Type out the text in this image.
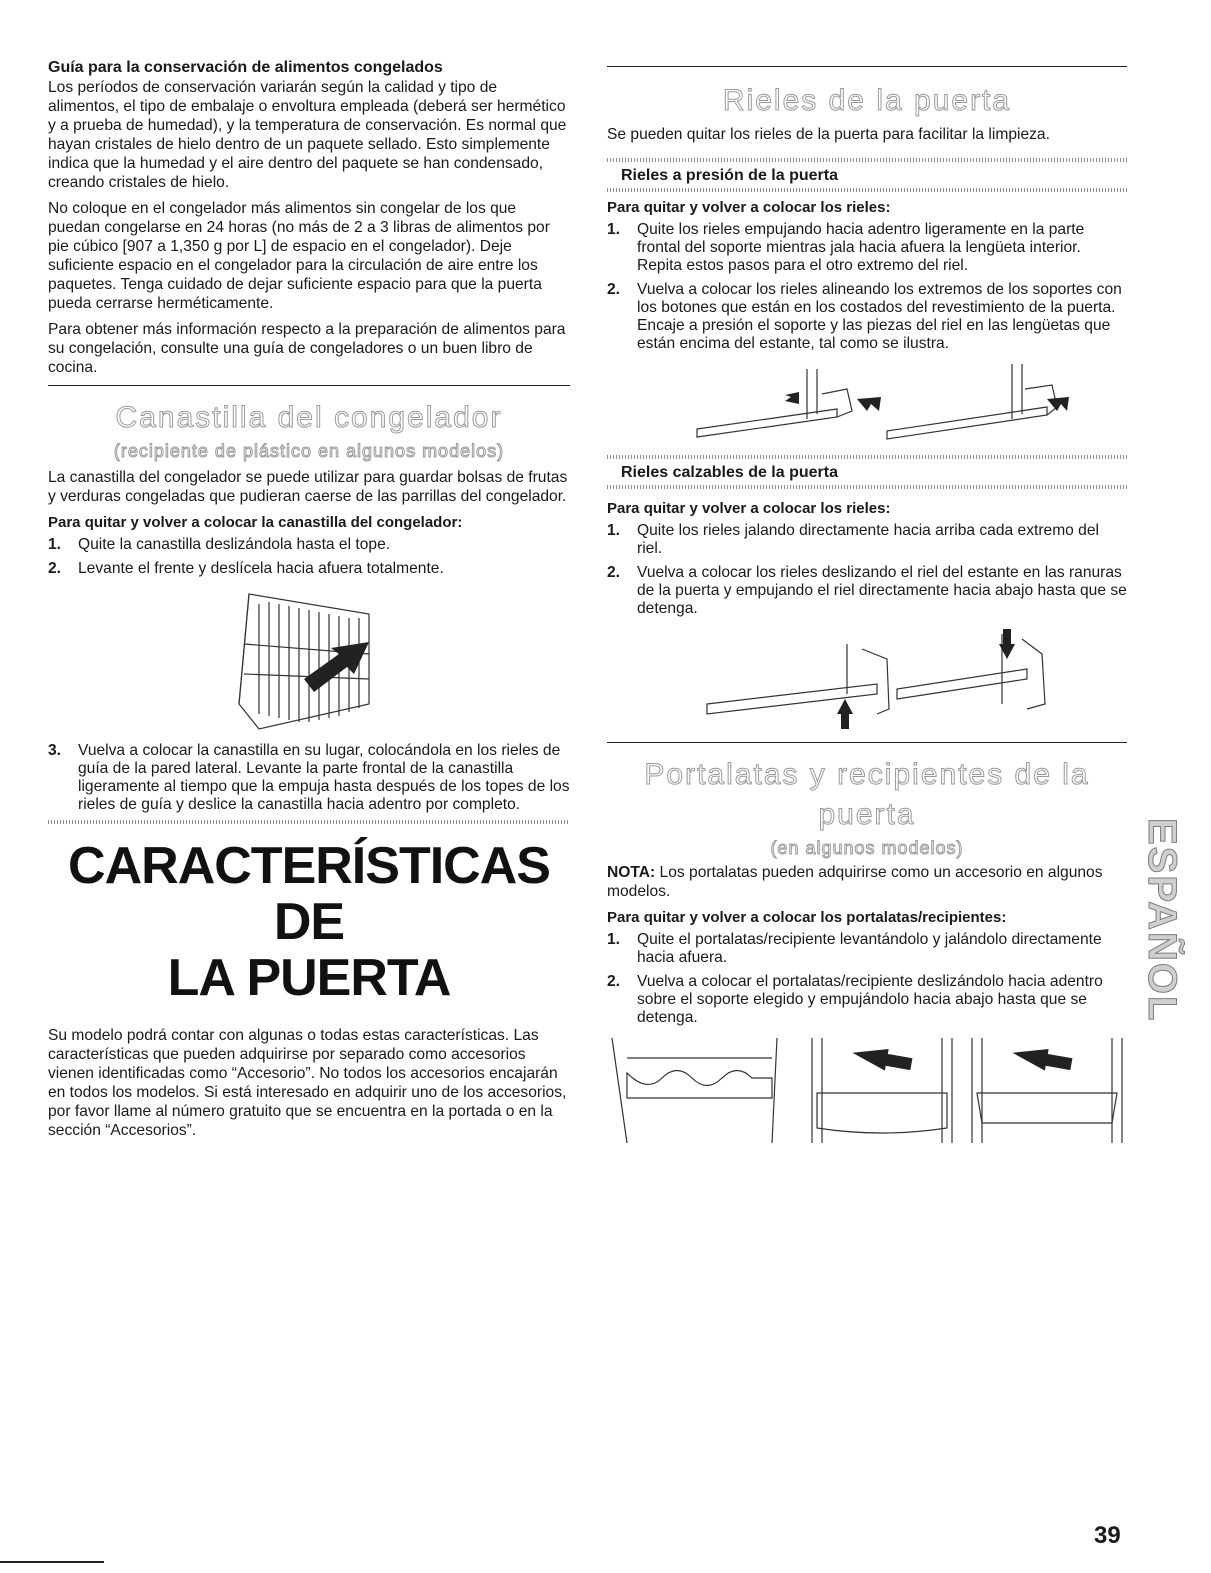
Guía para la conservación de alimentos congelados

Los períodos de conservación variarán según la calidad y tipo de alimentos, el tipo de embalaje o envoltura empleada (deberá ser hermético y a prueba de humedad), y la temperatura de conservación. Es normal que hayan cristales de hielo dentro de un paquete sellado. Esto simplemente indica que la humedad y el aire dentro del paquete se han condensado, creando cristales de hielo.

No coloque en el congelador más alimentos sin congelar de los que puedan congelarse en 24 horas (no más de 2 a 3 libras de alimentos por pie cúbico [907 a 1,350 g por L] de espacio en el congelador). Deje suficiente espacio en el congelador para la circulación de aire entre los paquetes. Tenga cuidado de dejar suficiente espacio para que la puerta pueda cerrarse herméticamente.

Para obtener más información respecto a la preparación de alimentos para su congelación, consulte una guía de congeladores o un buen libro de cocina.

Canastilla del congelador
(recipiente de plástico en algunos modelos)

La canastilla del congelador se puede utilizar para guardar bolsas de frutas y verduras congeladas que pudieran caerse de las parrillas del congelador.

Para quitar y volver a colocar la canastilla del congelador:
1. Quite la canastilla deslizándola hasta el tope.
2. Levante el frente y deslícela hacia afuera totalmente.
3. Vuelva a colocar la canastilla en su lugar, colocándola en los rieles de guía de la pared lateral. Levante la parte frontal de la canastilla ligeramente al tiempo que la empuja hasta después de los topes de los rieles de guía y deslice la canastilla hacia adentro por completo.
CARACTERÍSTICAS DE
LA PUERTA

Su modelo podrá contar con algunas o todas estas características. Las características que pueden adquirirse por separado como accesorios vienen identificadas como “Accesorio”. No todos los accesorios encajarán en todos los modelos. Si está interesado en adquirir uno de los accesorios, por favor llame al número gratuito que se encuentra en la portada o en la sección “Accesorios”.

Rieles de la puerta

Se pueden quitar los rieles de la puerta para facilitar la limpieza.

Rieles a presión de la puerta
Para quitar y volver a colocar los rieles:
1. Quite los rieles empujando hacia adentro ligeramente en la parte frontal del soporte mientras jala hacia afuera la lengüeta interior. Repita estos pasos para el otro extremo del riel.
2. Vuelva a colocar los rieles alineando los extremos de los soportes con los botones que están en los costados del revestimiento de la puerta. Encaje a presión el soporte y las piezas del riel en las lengüetas que están encima del estante, tal como se ilustra.
Rieles calzables de la puerta
Para quitar y volver a colocar los rieles:
1. Quite los rieles jalando directamente hacia arriba cada extremo del riel.
2. Vuelva a colocar los rieles deslizando el riel del estante en las ranuras de la puerta y empujando el riel directamente hacia abajo hasta que se detenga.
Portalatas y recipientes de la puerta
(en algunos modelos)

NOTA: Los portalatas pueden adquirirse como un accesorio en algunos modelos.

Para quitar y volver a colocar los portalatas/recipientes:
1. Quite el portalatas/recipiente levantándolo y jalándolo directamente hacia afuera.
2. Vuelva a colocar el portalatas/recipiente deslizándolo hacia adentro sobre el soporte elegido y empujándolo hacia abajo hasta que se detenga.	ESPAÑOL
39
